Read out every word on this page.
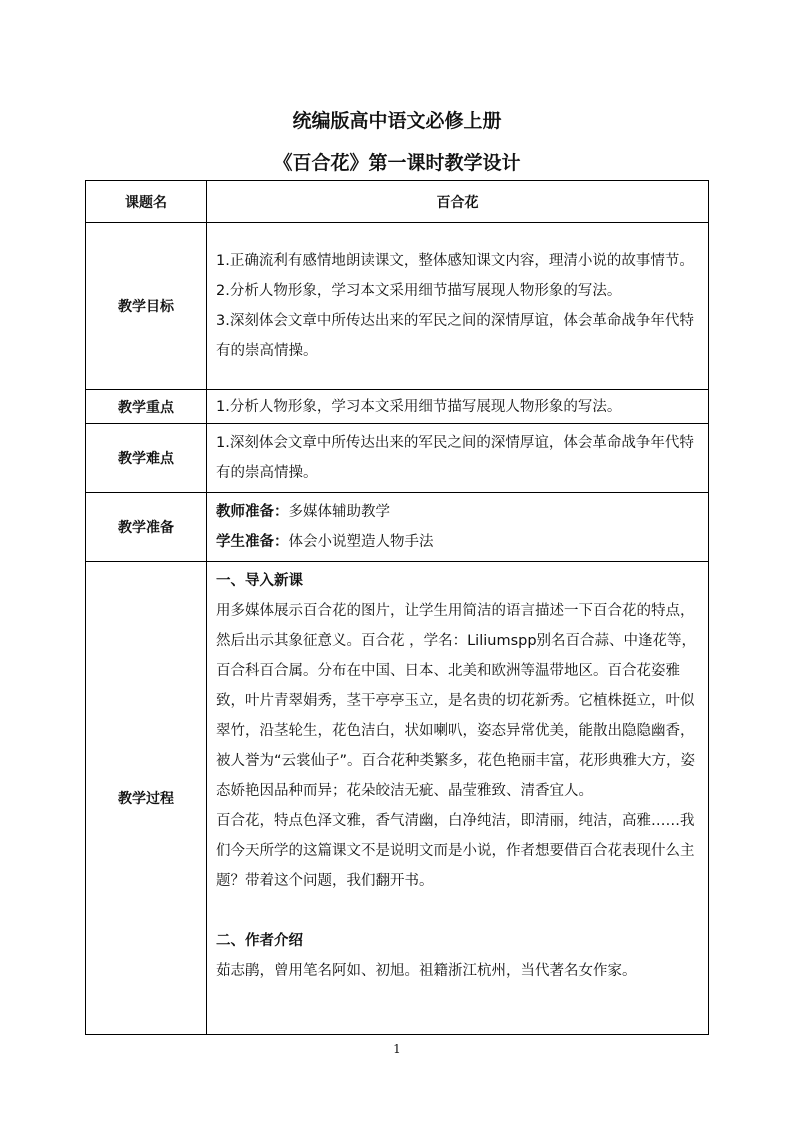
统编版高中语文必修上册
《百合花》第一课时教学设计
课题名	百合花
教学目标	1.正确流利有感情地朗读课文，整体感知课文内容，理清小说的故事情节。
2.分析人物形象，学习本文采用细节描写展现人物形象的写法。
3.深刻体会文章中所传达出来的军民之间的深情厚谊，体会革命战争年代特有的崇高情操。

教学重点	1.分析人物形象，学习本文采用细节描写展现人物形象的写法。

教学难点	1.深刻体会文章中所传达出来的军民之间的深情厚谊，体会革命战争年代特有的崇高情操。

教学准备	教师准备：多媒体辅助教学
学生准备：体会小说塑造人物手法

教学过程	一、导入新课
用多媒体展示百合花的图片，让学生用简洁的语言描述一下百合花的特点，然后出示其象征意义。百合花 ，学名：Liliumspp别名百合蒜、中逢花等，百合科百合属。分布在中国、日本、北美和欧洲等温带地区。百合花姿雅致，叶片青翠娟秀，茎干亭亭玉立，是名贵的切花新秀。它植株挺立，叶似翠竹，沿茎轮生，花色洁白，状如喇叭，姿态异常优美，能散出隐隐幽香，被人誉为“云裳仙子”。百合花种类繁多，花色艳丽丰富，花形典雅大方，姿态娇艳因品种而异；花朵皎洁无疵、晶莹雅致、清香宜人。
百合花，特点色泽文雅，香气清幽，白净纯洁，即清丽，纯洁，高雅……我们今天所学的这篇课文不是说明文而是小说，作者想要借百合花表现什么主题？带着这个问题，我们翻开书。
二、作者介绍
茹志鹃，曾用笔名阿如、初旭。祖籍浙江杭州，当代著名女作家。
1
